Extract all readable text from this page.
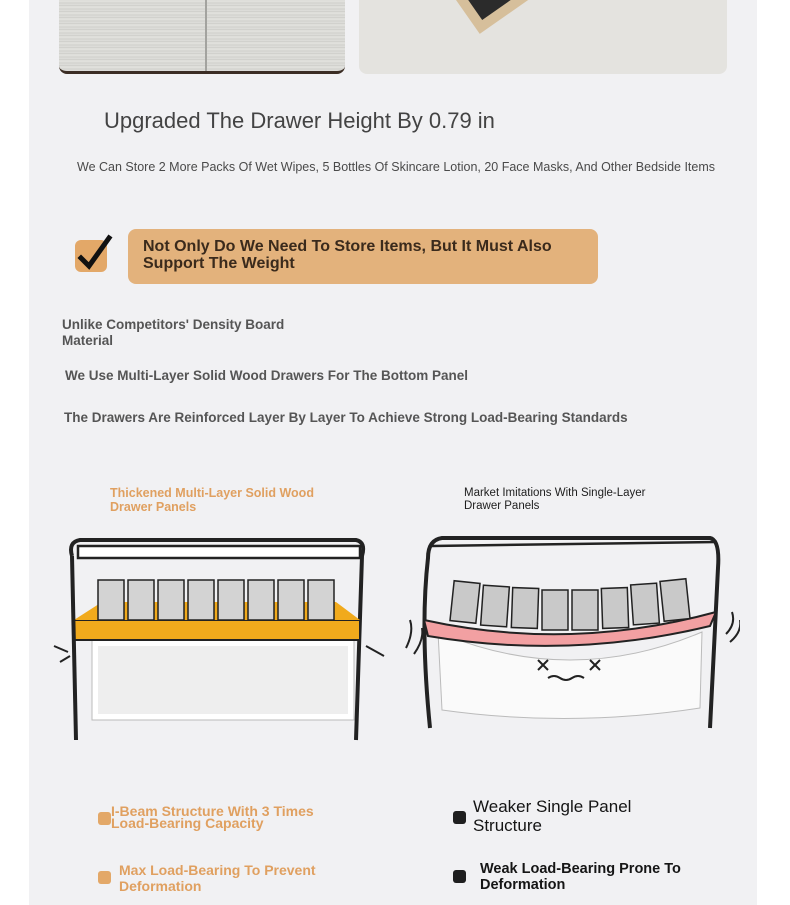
Upgraded The Drawer Height By 0.79 in
We Can Store 2 More Packs Of Wet Wipes, 5 Bottles Of Skincare Lotion, 20 Face Masks, And Other Bedside Items
Not Only Do We Need To Store Items, But It Must Also Support The Weight
Unlike Competitors' Density Board Material
We Use Multi-Layer Solid Wood Drawers For The Bottom Panel
The Drawers Are Reinforced Layer By Layer To Achieve Strong Load-Bearing Standards
Thickened Multi-Layer Solid Wood Drawer Panels
Market Imitations With Single-Layer Drawer Panels
I-Beam Structure With 3 Times Load-Bearing Capacity
Max Load-Bearing To Prevent Deformation
Weaker Single Panel Structure
Weak Load-Bearing Prone To Deformation
